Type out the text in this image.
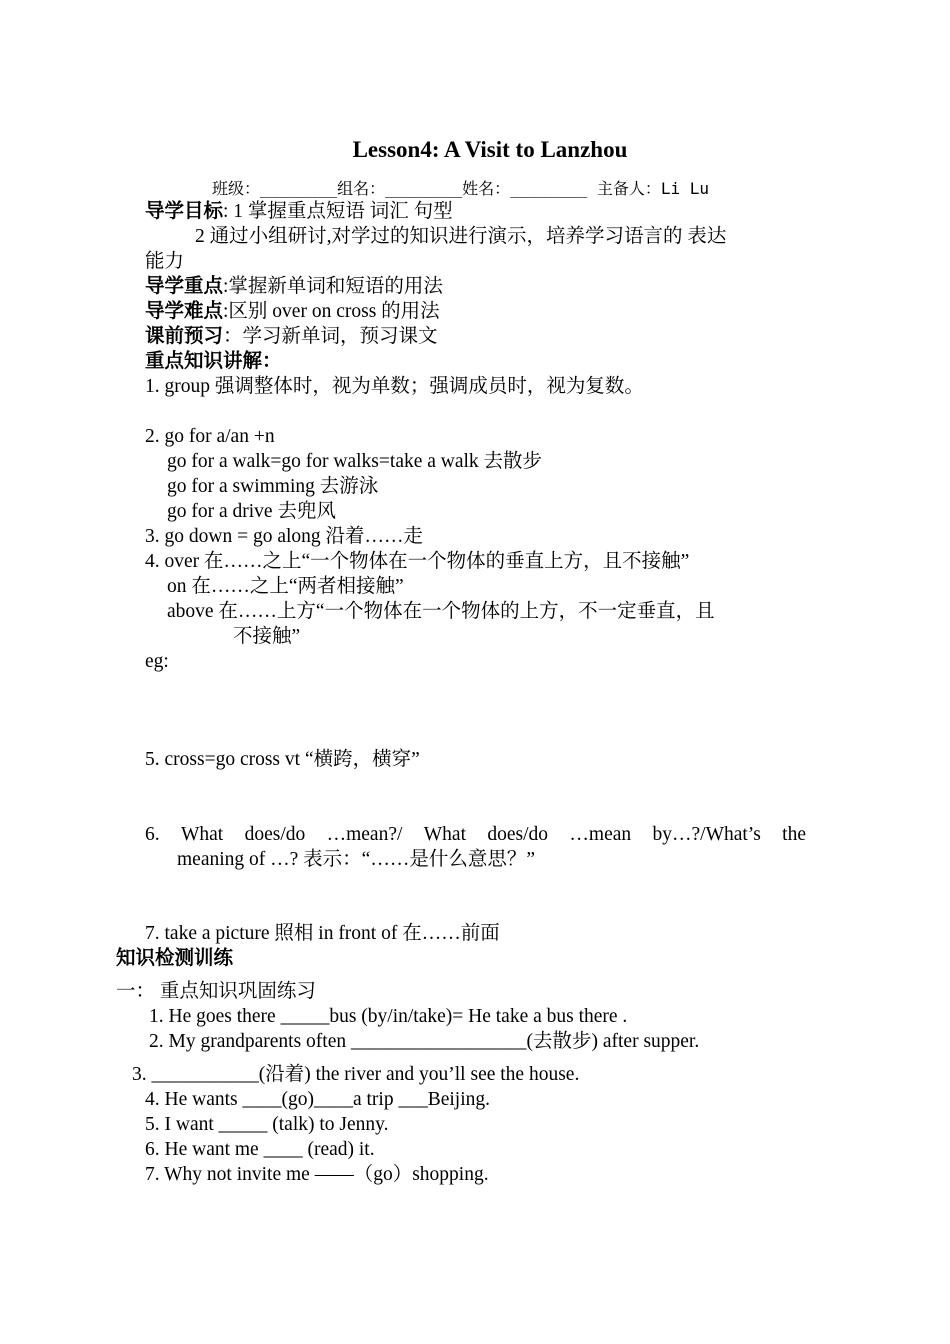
Lesson4: A Visit to Lanzhou
班级：________组名：________姓名：________ 主备人：Li Lu
导学目标: 1 掌握重点短语 词汇 句型
2 通过小组研讨,对学过的知识进行演示，培养学习语言的 表达
能力
导学重点:掌握新单词和短语的用法
导学难点:区别 over on cross 的用法
课前预习：学习新单词，预习课文
重点知识讲解：
1. group 强调整体时，视为单数；强调成员时，视为复数。
2. go for a/an +n
go for a walk=go for walks=take a walk 去散步
go for a swimming 去游泳
go for a drive 去兜风
3. go down = go along 沿着……走
4. over 在……之上“一个物体在一个物体的垂直上方，且不接触”
on 在……之上“两者相接触”
above 在……上方“一个物体在一个物体的上方，不一定垂直，且
不接触”
eg:
5. cross=go cross vt “横跨，横穿”
6. What does/do …mean?/ What does/do …mean by…?/What’s the
meaning of …? 表示：“……是什么意思？”
7. take a picture 照相 in front of 在……前面
知识检测训练
一： 重点知识巩固练习
1. He goes there _____bus (by/in/take)= He take a bus there .
2. My grandparents often __________________(去散步) after supper.
3. ___________(沿着) the river and you’ll see the house.
4. He wants ____(go)____a trip ___Beijing.
5. I want _____ (talk) to Jenny.
6. He want me ____ (read) it.
7. Why not invite me ——（go）shopping.
